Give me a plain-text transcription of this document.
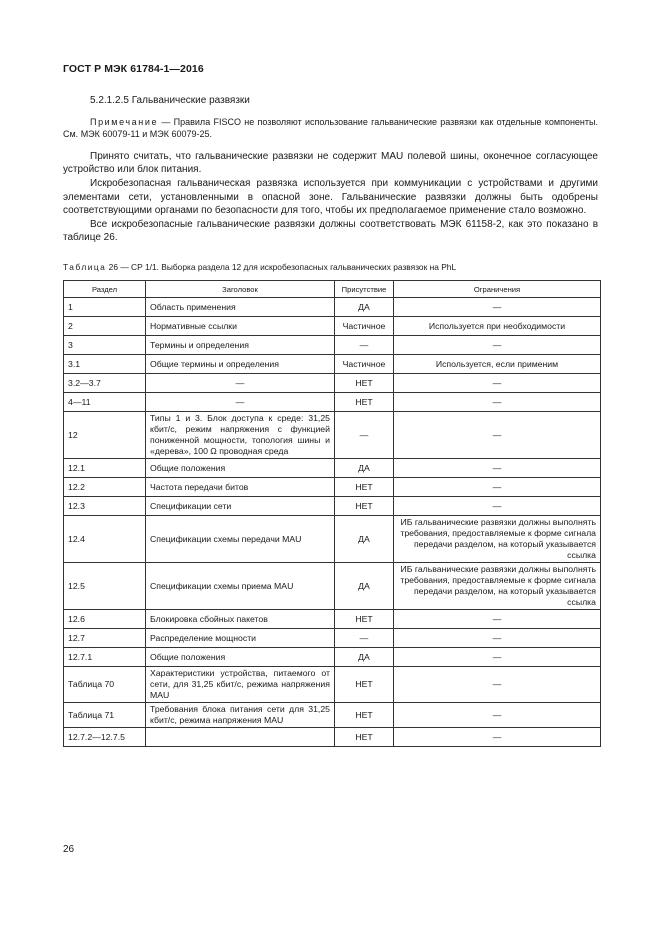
ГОСТ Р МЭК 61784-1—2016

5.2.1.2.5 Гальванические развязки

Примечание — Правила FISCO не позволяют использование гальванические развязки как отдельные компоненты. См. МЭК 60079-11 и МЭК 60079-25.

Принято считать, что гальванические развязки не содержит MAU полевой шины, оконечное согласующее устройство или блок питания.

Искробезопасная гальваническая развязка используется при коммуникации с устройствами и другими элементами сети, установленными в опасной зоне. Гальванические развязки должны быть одобрены соответствующими органами по безопасности для того, чтобы их предполагаемое применение стало возможно.

Все искробезопасные гальванические развязки должны соответствовать МЭК 61158-2, как это показано в таблице 26.

Таблица 26 — СР 1/1. Выборка раздела 12 для искробезопасных гальванических развязок на PhL
Раздел	Заголовок	Присутствие	Ограничения
1	Область применения	ДА	—
2	Нормативные ссылки	Частичное	Используется при необходимости
3	Термины и определения	—	—
3.1	Общие термины и определения	Частичное	Используется, если применим
3.2—3.7	—	НЕТ	—
4—11	—	НЕТ	—
12	Типы 1 и 3. Блок доступа к среде: 31,25 кбит/с, режим напряжения с функцией пониженной мощности, топология шины и «дерева», 100 Ω проводная среда	—	—
12.1	Общие положения	ДА	—
12.2	Частота передачи битов	НЕТ	—
12.3	Спецификации сети	НЕТ	—
12.4	Спецификации схемы передачи MAU	ДА	ИБ гальванические развязки должны выполнять требования, предоставляемые к форме сигнала передачи разделом, на который указывается ссылка
12.5	Спецификации схемы приема MAU	ДА	ИБ гальванические развязки должны выполнять требования, предоставляемые к форме сигнала передачи разделом, на который указывается ссылка
12.6	Блокировка сбойных пакетов	НЕТ	—
12.7	Распределение мощности	—	—
12.7.1	Общие положения	ДА	—
Таблица 70	Характеристики устройства, питаемого от сети, для 31,25 кбит/с, режима напряжения MAU	НЕТ	—
Таблица 71	Требования блока питания сети для 31,25 кбит/с, режима напряжения MAU	НЕТ	—
12.7.2—12.7.5		НЕТ	—
26
